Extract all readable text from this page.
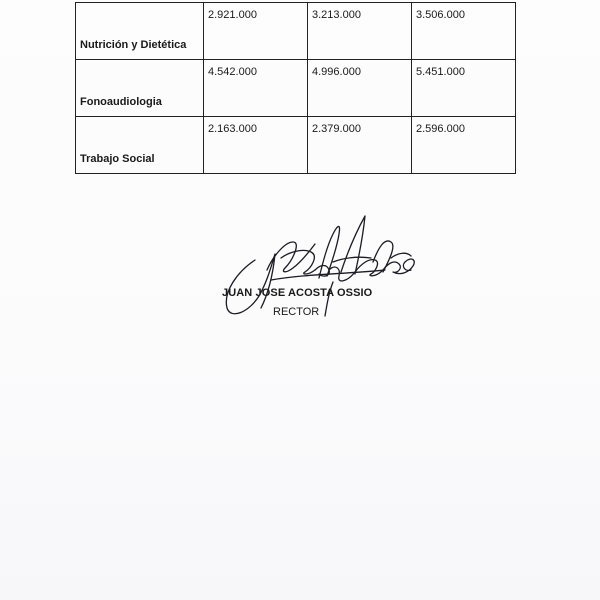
Nutrición y Dietética	2.921.000	3.213.000	3.506.000
Fonoaudiologia	4.542.000	4.996.000	5.451.000
Trabajo Social	2.163.000	2.379.000	2.596.000
JUAN JOSE ACOSTA OSSIO
RECTOR
